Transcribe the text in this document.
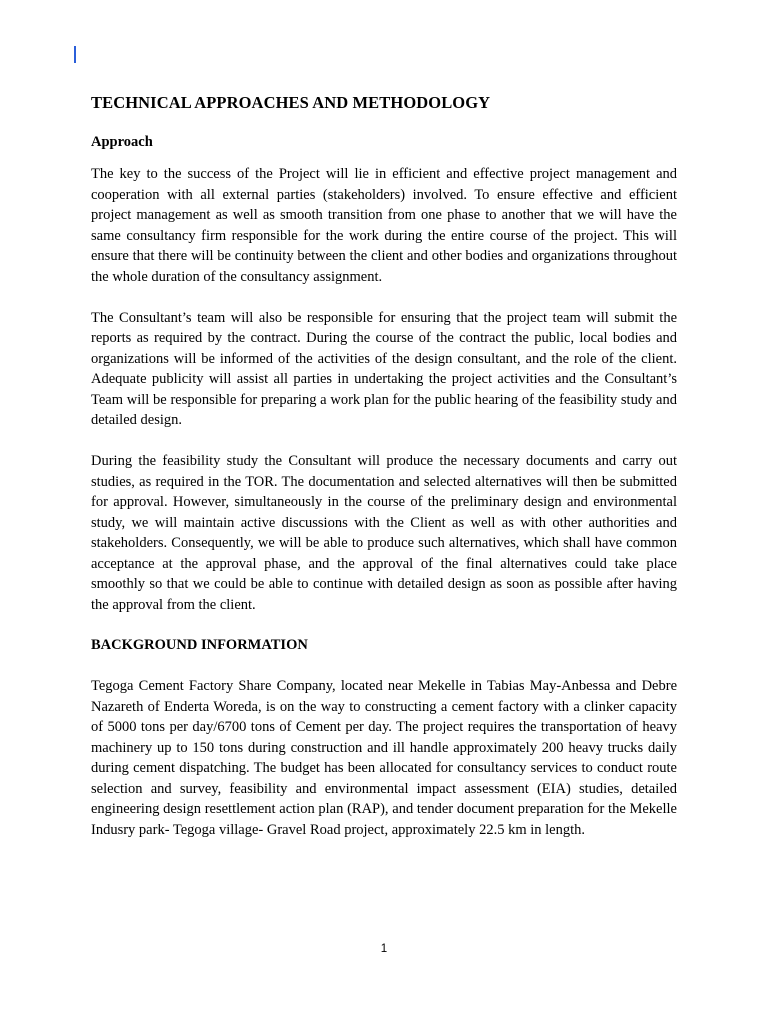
TECHNICAL APPROACHES AND METHODOLOGY
Approach

The key to the success of the Project will lie in efficient and effective project management and cooperation with all external parties (stakeholders) involved. To ensure effective and efficient project management as well as smooth transition from one phase to another that we will have the same consultancy firm responsible for the work during the entire course of the project. This will ensure that there will be continuity between the client and other bodies and organizations throughout the whole duration of the consultancy assignment.

The Consultant’s team will also be responsible for ensuring that the project team will submit the reports as required by the contract. During the course of the contract the public, local bodies and organizations will be informed of the activities of the design consultant, and the role of the client. Adequate publicity will assist all parties in undertaking the project activities and the Consultant’s Team will be responsible for preparing a work plan for the public hearing of the feasibility study and detailed design.

During the feasibility study the Consultant will produce the necessary documents and carry out studies, as required in the TOR. The documentation and selected alternatives will then be submitted for approval. However, simultaneously in the course of the preliminary design and environmental study, we will maintain active discussions with the Client as well as with other authorities and stakeholders. Consequently, we will be able to produce such alternatives, which shall have common acceptance at the approval phase, and the approval of the final alternatives could take place smoothly so that we could be able to continue with detailed design as soon as possible after having the approval from the client.

BACKGROUND INFORMATION

Tegoga Cement Factory Share Company, located near Mekelle in Tabias May-Anbessa and Debre Nazareth of Enderta Woreda, is on the way to constructing a cement factory with a clinker capacity of 5000 tons per day/6700 tons of Cement per day. The project requires the transportation of heavy machinery up to 150 tons during construction and ill handle approximately 200 heavy trucks daily during cement dispatching. The budget has been allocated for consultancy services to conduct route selection and survey, feasibility and environmental impact assessment (EIA) studies, detailed engineering design resettlement action plan (RAP), and tender document preparation for the Mekelle Indusry park- Tegoga village- Gravel Road project, approximately 22.5 km in length.

1
